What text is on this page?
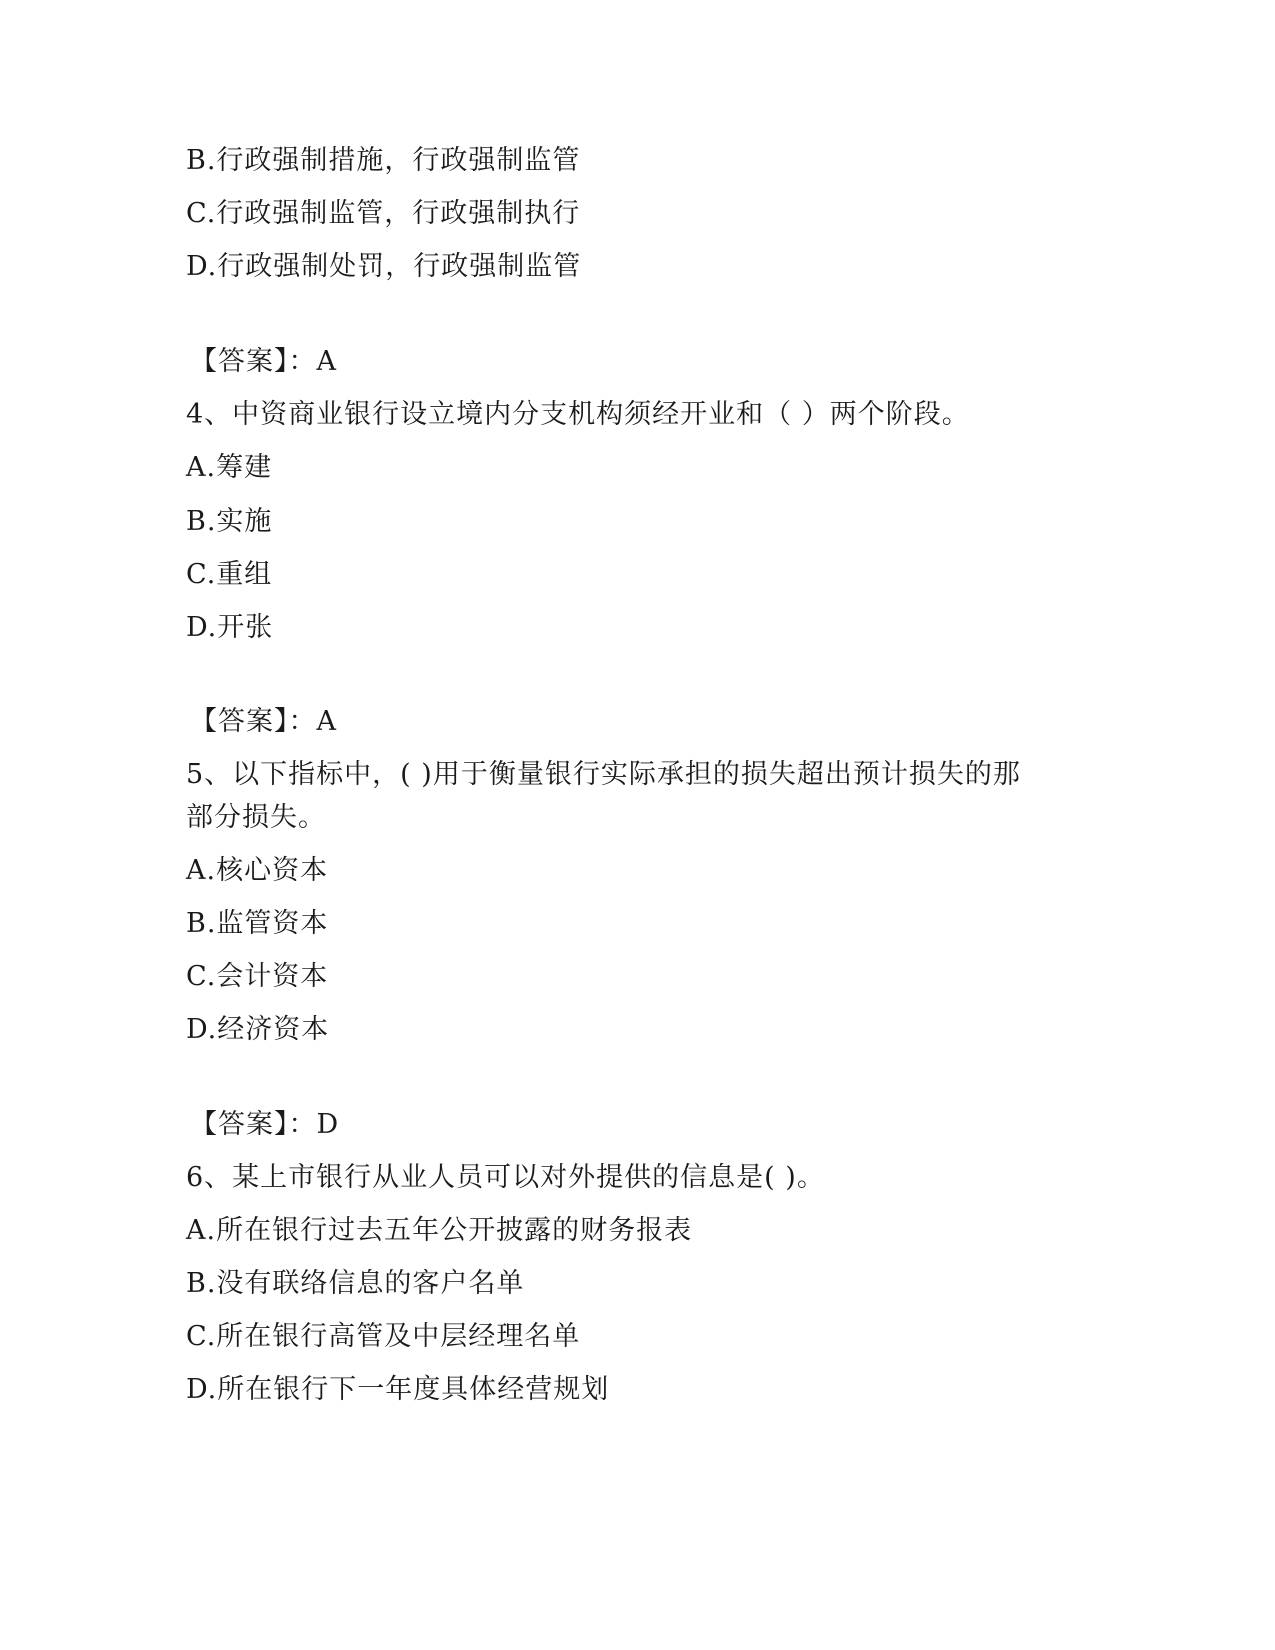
B.行政强制措施，行政强制监管
C.行政强制监管，行政强制执行
D.行政强制处罚，行政强制监管
【答案】：A
4、中资商业银行设立境内分支机构须经开业和（ ）两个阶段。
A.筹建
B.实施
C.重组
D.开张
【答案】：A
5、以下指标中，( )用于衡量银行实际承担的损失超出预计损失的那
部分损失。
A.核心资本
B.监管资本
C.会计资本
D.经济资本
【答案】：D
6、某上市银行从业人员可以对外提供的信息是( )。
A.所在银行过去五年公开披露的财务报表
B.没有联络信息的客户名单
C.所在银行高管及中层经理名单
D.所在银行下一年度具体经营规划
